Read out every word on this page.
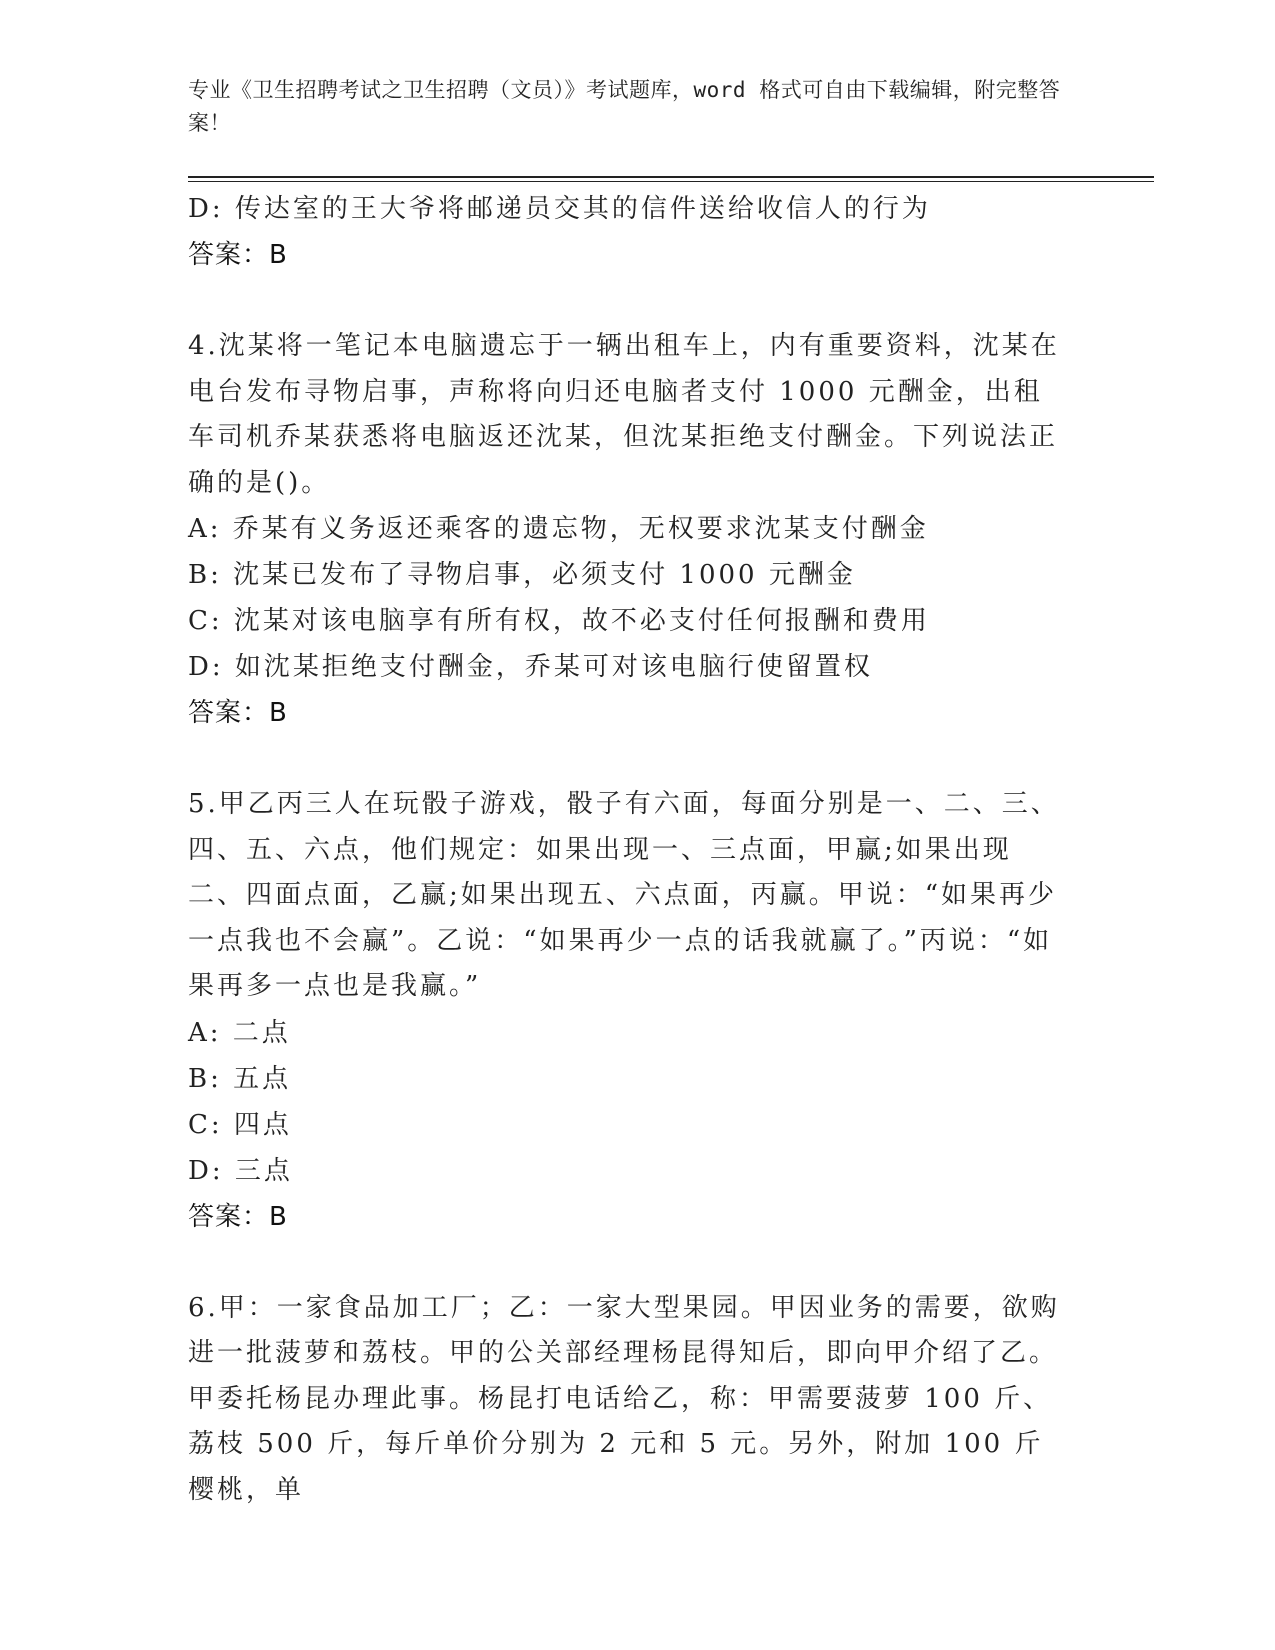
专业《卫生招聘考试之卫生招聘（文员）》考试题库，word 格式可自由下载编辑，附完整答案！
D: 传达室的王大爷将邮递员交其的信件送给收信人的行为
答案：B
4.沈某将一笔记本电脑遗忘于一辆出租车上，内有重要资料，沈某在电台发布寻物启事，声称将向归还电脑者支付 1000 元酬金，出租车司机乔某获悉将电脑返还沈某，但沈某拒绝支付酬金。下列说法正确的是()。
A: 乔某有义务返还乘客的遗忘物，无权要求沈某支付酬金
B: 沈某已发布了寻物启事，必须支付 1000 元酬金
C: 沈某对该电脑享有所有权，故不必支付任何报酬和费用
D: 如沈某拒绝支付酬金，乔某可对该电脑行使留置权
答案：B
5.甲乙丙三人在玩骰子游戏，骰子有六面，每面分别是一、二、三、四、五、六点，他们规定：如果出现一、三点面，甲赢;如果出现二、四面点面，乙赢;如果出现五、六点面，丙赢。甲说：“如果再少一点我也不会赢”。乙说：“如果再少一点的话我就赢了。”丙说：“如果再多一点也是我赢。”
A: 二点
B: 五点
C: 四点
D: 三点
答案：B
6.甲：一家食品加工厂；乙：一家大型果园。甲因业务的需要，欲购进一批菠萝和荔枝。甲的公关部经理杨昆得知后，即向甲介绍了乙。甲委托杨昆办理此事。杨昆打电话给乙，称：甲需要菠萝 100 斤、荔枝 500 斤，每斤单价分别为 2 元和 5 元。另外，附加 100 斤樱桃，单
